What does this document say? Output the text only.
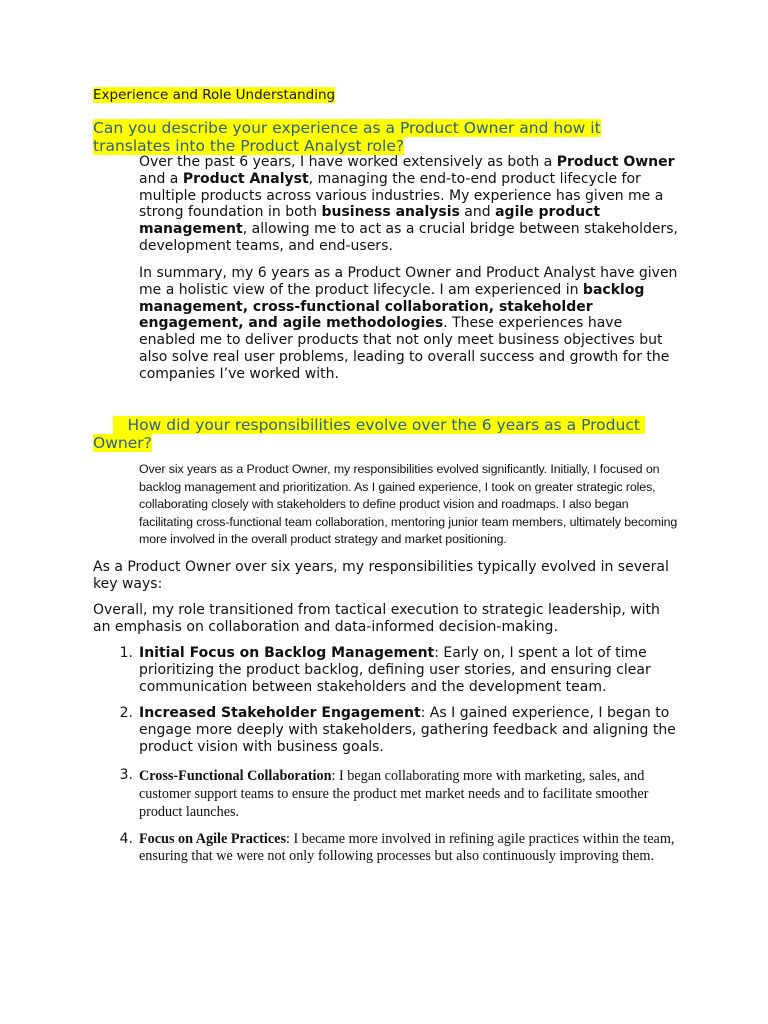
Experience and Role Understanding
Can you describe your experience as a Product Owner and how it translates into the Product Analyst role?
Over the past 6 years, I have worked extensively as both a Product Owner and a Product Analyst, managing the end-to-end product lifecycle for multiple products across various industries. My experience has given me a strong foundation in both business analysis and agile product management, allowing me to act as a crucial bridge between stakeholders, development teams, and end-users.
In summary, my 6 years as a Product Owner and Product Analyst have given me a holistic view of the product lifecycle. I am experienced in backlog management, cross-functional collaboration, stakeholder engagement, and agile methodologies. These experiences have enabled me to deliver products that not only meet business objectives but also solve real user problems, leading to overall success and growth for the companies I’ve worked with.

How did your responsibilities evolve over the 6 years as a Product Owner?

Over six years as a Product Owner, my responsibilities evolved significantly. Initially, I focused on backlog management and prioritization. As I gained experience, I took on greater strategic roles, collaborating closely with stakeholders to define product vision and roadmaps. I also began facilitating cross-functional team collaboration, mentoring junior team members, ultimately becoming more involved in the overall product strategy and market positioning.
As a Product Owner over six years, my responsibilities typically evolved in several key ways:
Overall, my role transitioned from tactical execution to strategic leadership, with an emphasis on collaboration and data-informed decision-making.
1. Initial Focus on Backlog Management: Early on, I spent a lot of time prioritizing the product backlog, defining user stories, and ensuring clear communication between stakeholders and the development team.
2. Increased Stakeholder Engagement: As I gained experience, I began to engage more deeply with stakeholders, gathering feedback and aligning the product vision with business goals.
3. Cross-Functional Collaboration: I began collaborating more with marketing, sales, and customer support teams to ensure the product met market needs and to facilitate smoother product launches.
4. Focus on Agile Practices: I became more involved in refining agile practices within the team, ensuring that we were not only following processes but also continuously improving them.
